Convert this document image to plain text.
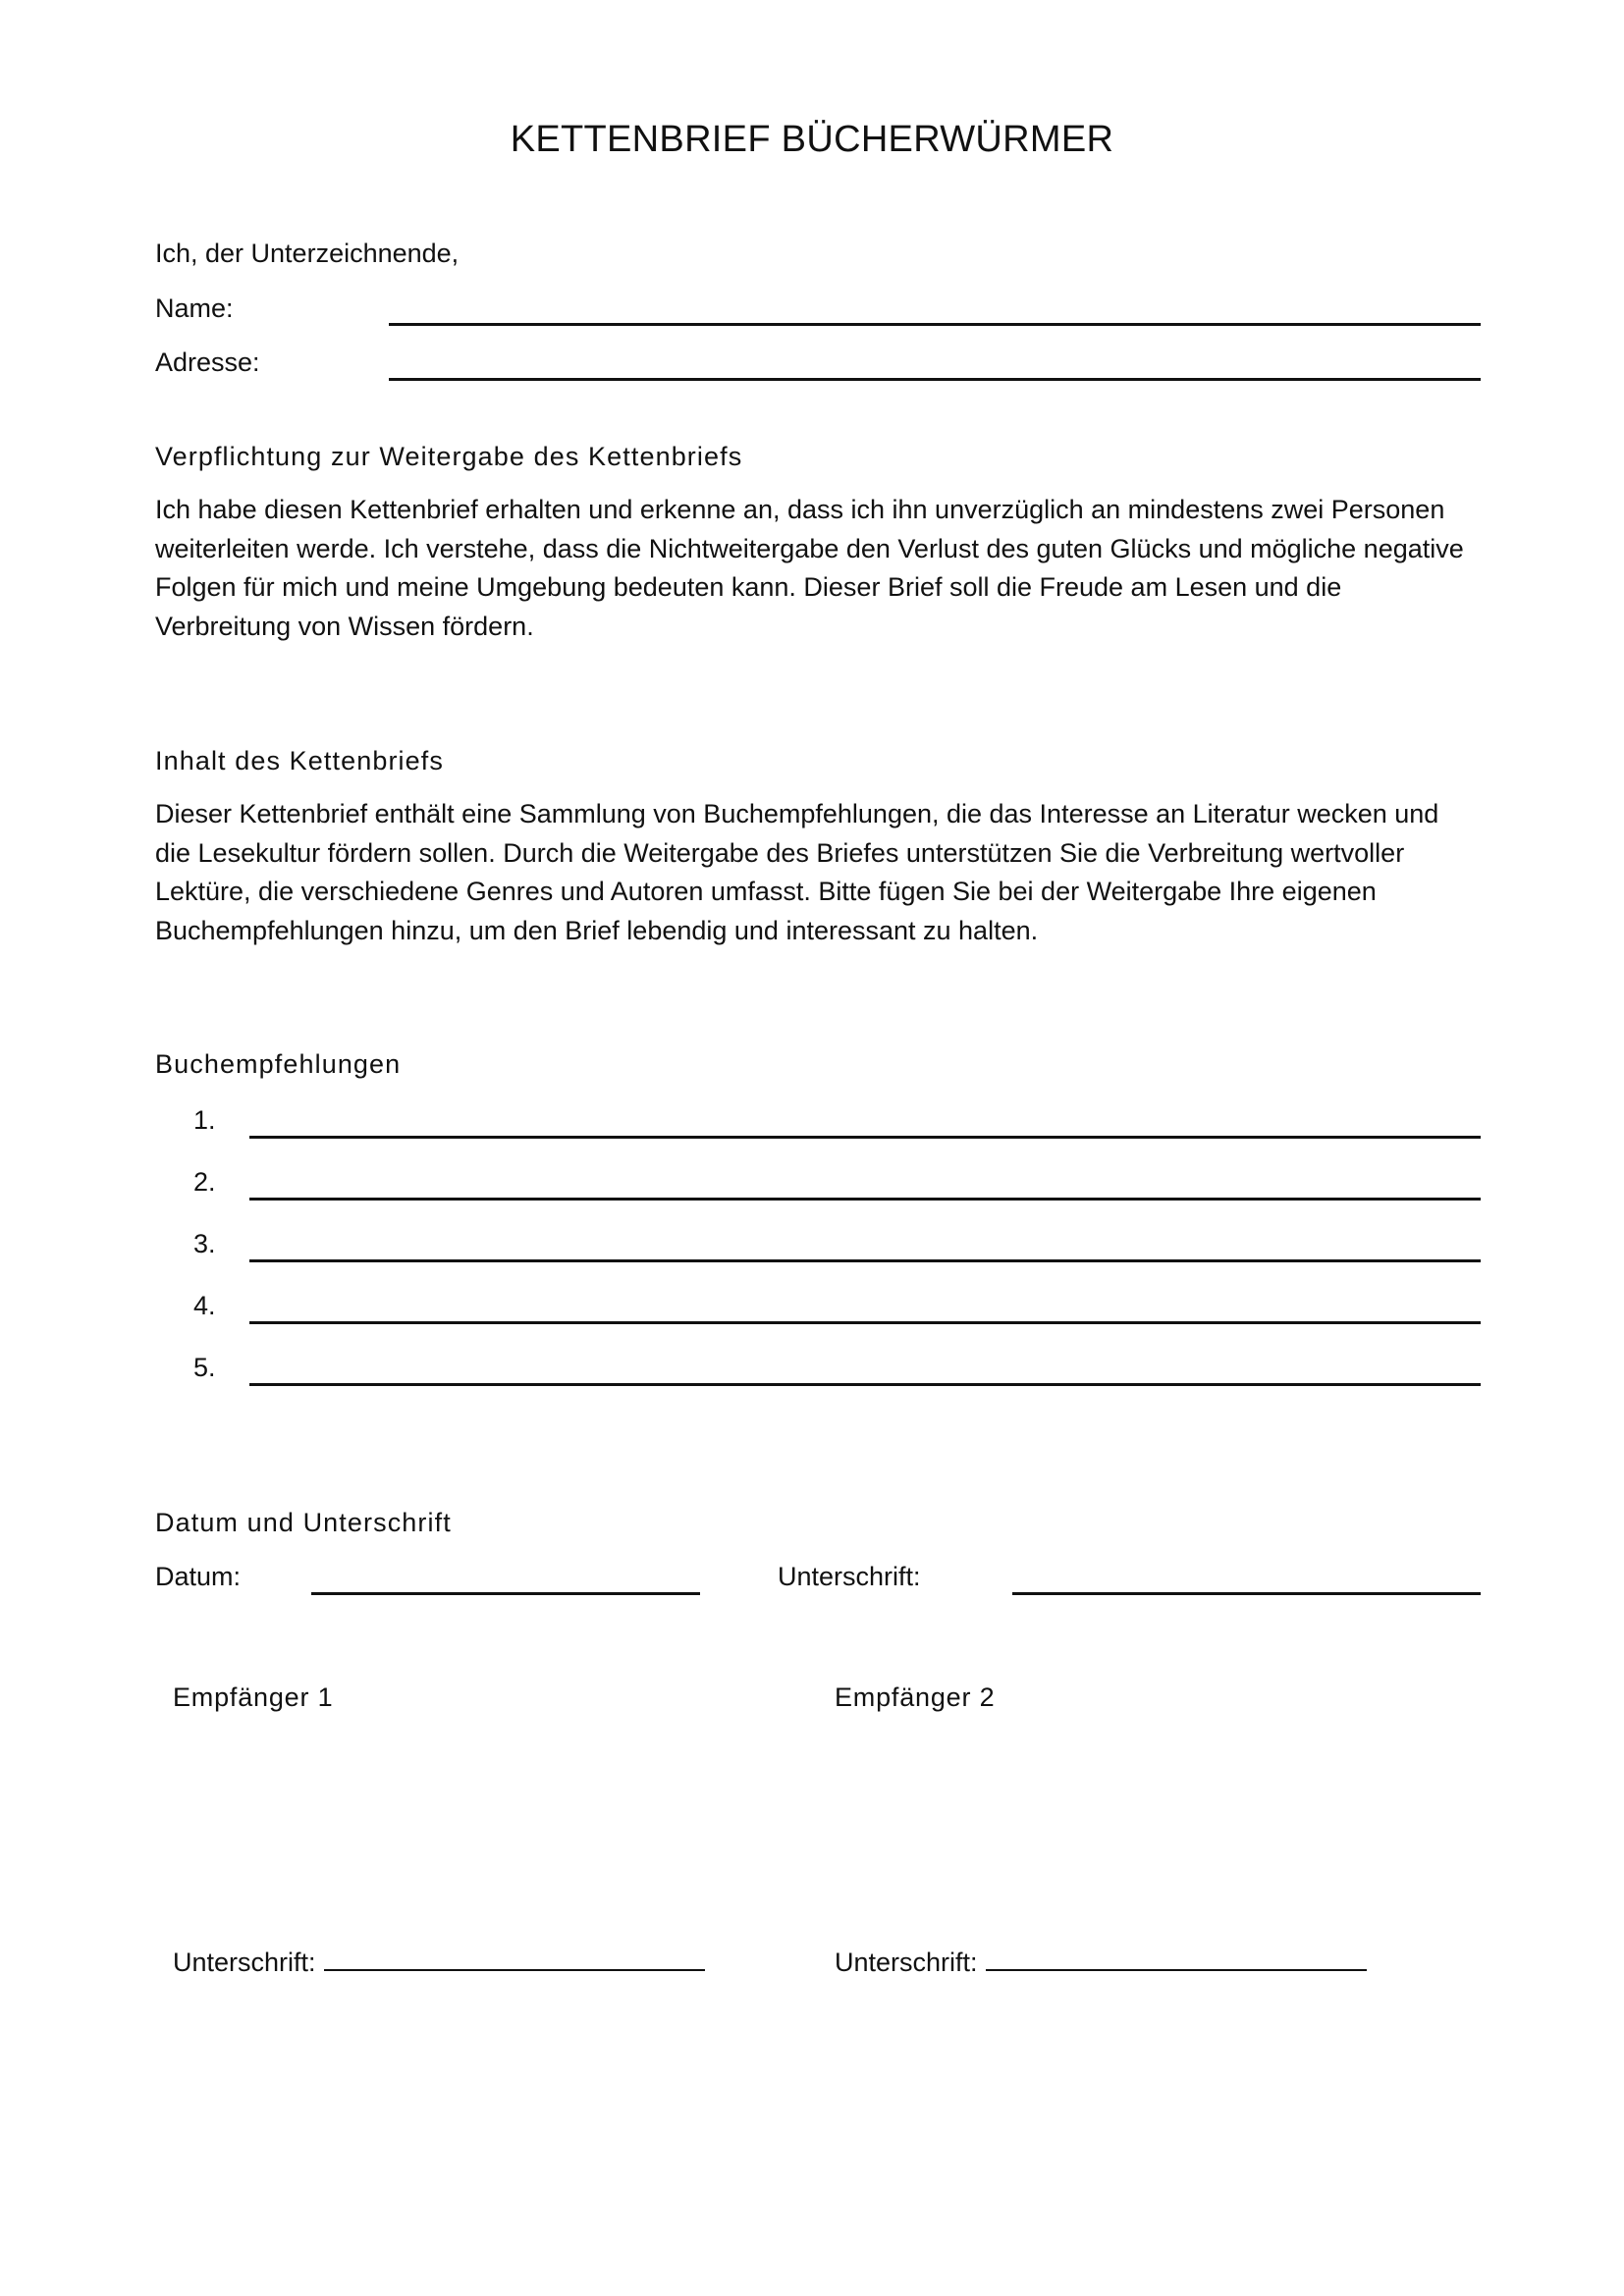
KETTENBRIEF BÜCHERWÜRMER
Ich, der Unterzeichnende,
Name:
Adresse:
Verpflichtung zur Weitergabe des Kettenbriefs
Ich habe diesen Kettenbrief erhalten und erkenne an, dass ich ihn unverzüglich an mindestens zwei Personen weiterleiten werde. Ich verstehe, dass die Nichtweitergabe den Verlust des guten Glücks und mögliche negative Folgen für mich und meine Umgebung bedeuten kann. Dieser Brief soll die Freude am Lesen und die Verbreitung von Wissen fördern.
Inhalt des Kettenbriefs
Dieser Kettenbrief enthält eine Sammlung von Buchempfehlungen, die das Interesse an Literatur wecken und die Lesekultur fördern sollen. Durch die Weitergabe des Briefes unterstützen Sie die Verbreitung wertvoller Lektüre, die verschiedene Genres und Autoren umfasst. Bitte fügen Sie bei der Weitergabe Ihre eigenen Buchempfehlungen hinzu, um den Brief lebendig und interessant zu halten.
Buchempfehlungen
1.
2.
3.
4.
5.
Datum und Unterschrift
Datum:	Unterschrift:
Empfänger 1	Empfänger 2
Unterschrift:	Unterschrift:
